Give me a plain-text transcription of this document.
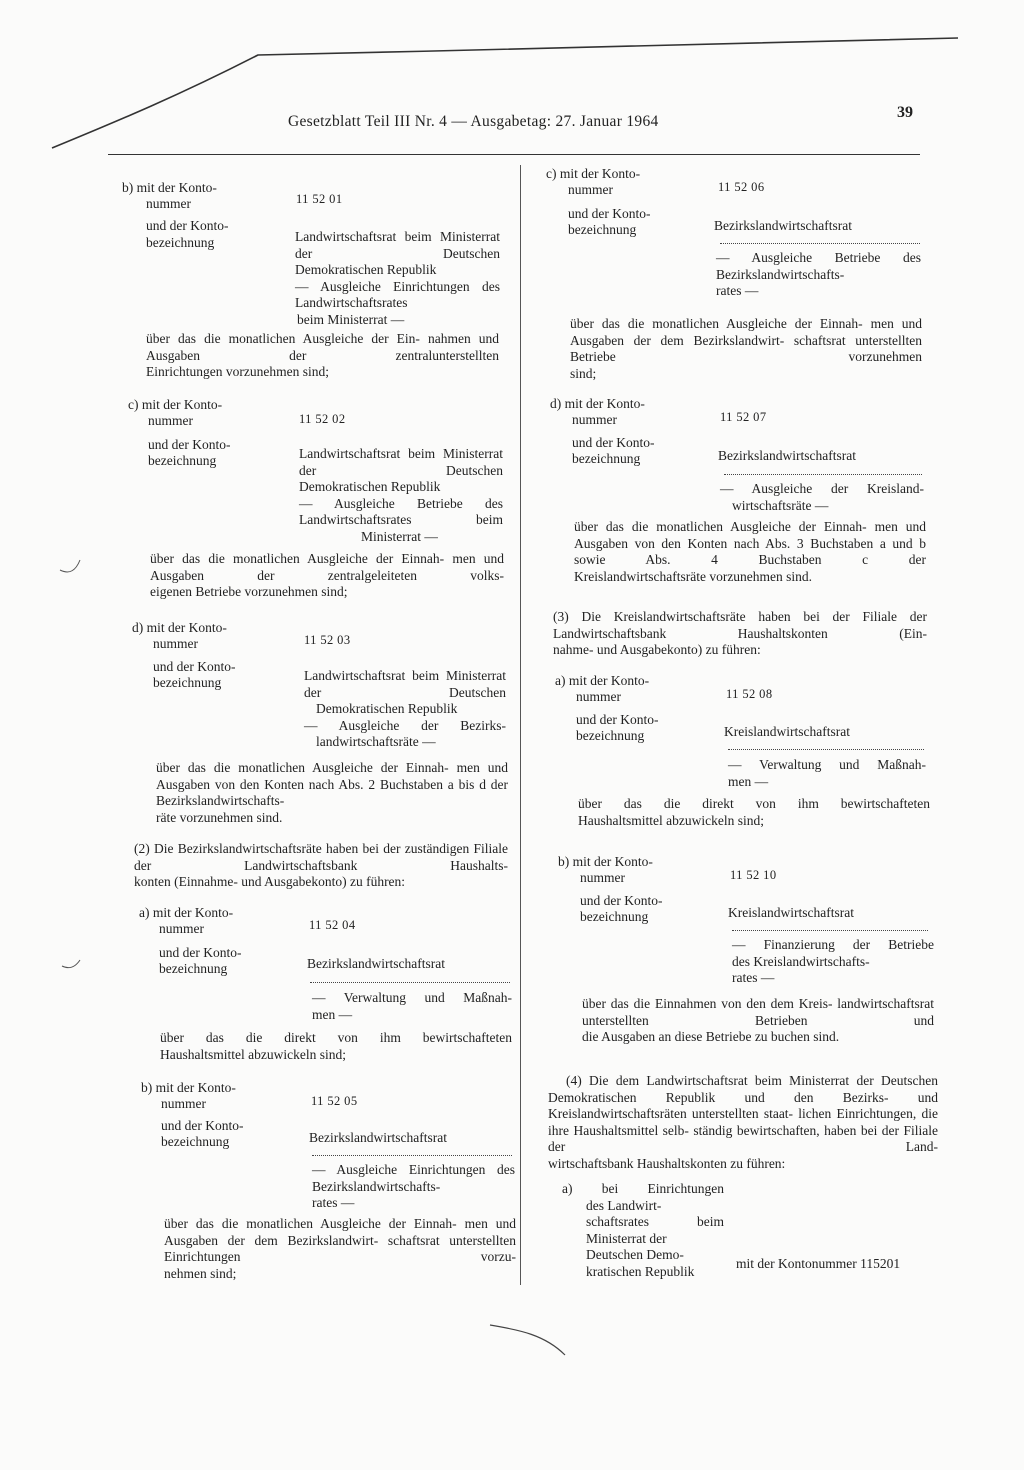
Gesetzblatt Teil III Nr. 4 — Ausgabetag: 27. Januar 1964
39
b) mit der Konto-
nummer	11 52 01
und der Konto-
bezeichnung	Landwirtschaftsrat beim Ministerrat der Deutschen
Demokratischen Republik
— Ausgleiche Einrichtungen des Landwirtschaftsrates
beim Ministerrat —
über das die monatlichen Ausgleiche der Ein- nahmen und Ausgaben der zentralunterstellten
Einrichtungen vorzunehmen sind;
c) mit der Konto-
nummer	11 52 02
und der Konto-
bezeichnung	Landwirtschaftsrat beim Ministerrat der Deutschen
Demokratischen Republik
— Ausgleiche Betriebe des Landwirtschaftsrates beim
Ministerrat —
über das die monatlichen Ausgleiche der Einnah- men und Ausgaben der zentralgeleiteten volks-
eigenen Betriebe vorzunehmen sind;
d) mit der Konto-
nummer	11 52 03
und der Konto-
bezeichnung	Landwirtschaftsrat beim Ministerrat der Deutschen
Demokratischen Republik
— Ausgleiche der Bezirks-
landwirtschaftsräte —
über das die monatlichen Ausgleiche der Einnah- men und Ausgaben von den Konten nach Abs. 2 Buchstaben a bis d der Bezirkslandwirtschafts-
räte vorzunehmen sind.
(2) Die Bezirkslandwirtschaftsräte haben bei der zuständigen Filiale der Landwirtschaftsbank Haushalts-
konten (Einnahme- und Ausgabekonto) zu führen:
a) mit der Konto-
nummer	11 52 04
und der Konto-
bezeichnung	Bezirkslandwirtschaftsrat
— Verwaltung und Maßnah-
men —
über das die direkt von ihm bewirtschafteten
Haushaltsmittel abzuwickeln sind;
b) mit der Konto-
nummer	11 52 05
und der Konto-
bezeichnung	Bezirkslandwirtschaftsrat
— Ausgleiche Einrichtungen des Bezirkslandwirtschafts-
rates —
über das die monatlichen Ausgleiche der Einnah- men und Ausgaben der dem Bezirkslandwirt- schaftsrat unterstellten Einrichtungen vorzu-
nehmen sind;
c) mit der Konto-
nummer	11 52 06
und der Konto-
bezeichnung	Bezirkslandwirtschaftsrat
— Ausgleiche Betriebe des
Bezirkslandwirtschafts-
rates —
über das die monatlichen Ausgleiche der Einnah- men und Ausgaben der dem Bezirkslandwirt- schaftsrat unterstellten Betriebe vorzunehmen
sind;
d) mit der Konto-
nummer	11 52 07
und der Konto-
bezeichnung	Bezirkslandwirtschaftsrat
— Ausgleiche der Kreisland-
wirtschaftsräte —
über das die monatlichen Ausgleiche der Einnah- men und Ausgaben von den Konten nach Abs. 3 Buchstaben a und b sowie Abs. 4 Buchstaben c der
Kreislandwirtschaftsräte vorzunehmen sind.
(3) Die Kreislandwirtschaftsräte haben bei der Filiale der Landwirtschaftsbank Haushaltskonten (Ein-
nahme- und Ausgabekonto) zu führen:
a) mit der Konto-
nummer	11 52 08
und der Konto-
bezeichnung	Kreislandwirtschaftsrat
— Verwaltung und Maßnah-
men —
über das die direkt von ihm bewirtschafteten
Haushaltsmittel abzuwickeln sind;
b) mit der Konto-
nummer	11 52 10
und der Konto-
bezeichnung	Kreislandwirtschaftsrat
— Finanzierung der Betriebe
des Kreislandwirtschafts-
rates —
über das die Einnahmen von den dem Kreis- landwirtschaftsrat unterstellten Betrieben und
die Ausgaben an diese Betriebe zu buchen sind.
(4) Die dem Landwirtschaftsrat beim Ministerrat der Deutschen Demokratischen Republik und den Bezirks- und Kreislandwirtschaftsräten unterstellten staat- lichen Einrichtungen, die ihre Haushaltsmittel selb- ständig bewirtschaften, haben bei der Filiale der Land-
wirtschaftsbank Haushaltskonten zu führen:
a) bei Einrichtungen
des Landwirt-
schaftsrates beim
Ministerrat der
Deutschen Demo-
kratischen Republik
mit der Kontonummer 115201
